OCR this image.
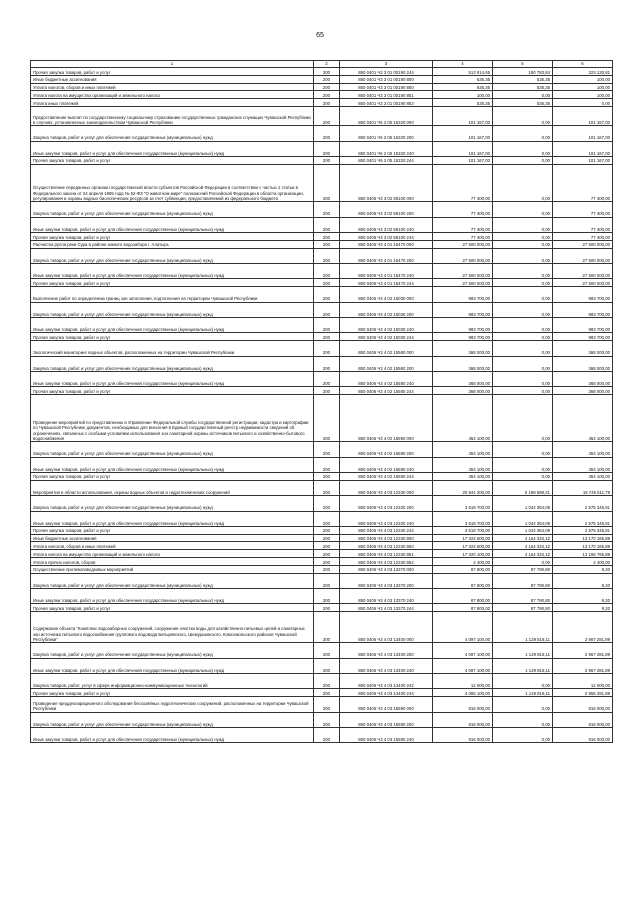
65
1	2	3	4	5	6
Прочая закупка товаров, работ и услуг	200	850 0401 Ч3 3 01 00190 244	513 914,65	190 783,84	323 130,81
Иные бюджетные ассигнования	200	850 0401 Ч3 3 01 00190 800	635,35	535,35	100,00
Уплата налогов, сборов и иных платежей	200	850 0401 Ч3 3 01 00190 850	635,35	535,35	100,00
Уплата налога на имущество организаций и земельного налога	200	850 0401 Ч3 3 01 00190 851	100,00	0,00	100,00
Уплата иных платежей	200	850 0401 Ч3 3 01 00190 853	535,35	535,35	0,00
Предоставление выплат по государственному социальному страхованию государственных гражданских служащих Чувашской Республики в случаях, установленных законодательством Чувашской Республики	200	850 0401 Ч5 2 05 15320 000	101 167,00	0,00	101 167,00
Закупка товаров, работ и услуг для обеспечения государственных (муниципальных) нужд	200	850 0401 Ч5 2 05 15320 200	101 167,00	0,00	101 167,00
Иные закупки товаров, работ и услуг для обеспечения государственных (муниципальных) нужд	200	850 0401 Ч5 2 05 15320 240	101 167,00	0,00	101 167,00
Прочая закупка товаров, работ и услуг	200	850 0401 Ч5 2 05 15320 244	101 167,00	0,00	101 167,00
Осуществление переданных органам государственной власти субъектов Российской Федерации в соответствии с частью 1 статьи 6 Федерального закона от 24 апреля 1995 года № 52-ФЗ "О животном мире" полномочий Российской Федерации в области организации, регулирования и охраны водных биологических ресурсов за счет субвенции, предоставляемой из федерального бюджета	200	850 0405 Ч3 3 02 59100 000	77 400,00	0,00	77 400,00
Закупка товаров, работ и услуг для обеспечения государственных (муниципальных) нужд	200	850 0405 Ч3 3 02 59100 200	77 400,00	0,00	77 400,00
Иные закупки товаров, работ и услуг для обеспечения государственных (муниципальных) нужд	200	850 0405 Ч3 3 02 59100 240	77 400,00	0,00	77 400,00
Прочая закупка товаров, работ и услуг	200	850 0405 Ч3 3 02 59100 244	77 400,00	0,00	77 400,00
Расчистка русла реки Сура в районе южного водозабора г. Алатырь	200	850 0406 Ч3 4 01 15470 000	27 500 000,00	0,00	27 500 000,00
Закупка товаров, работ и услуг для обеспечения государственных (муниципальных) нужд	200	850 0406 Ч3 4 01 15470 200	27 500 000,00	0,00	27 500 000,00
Иные закупки товаров, работ и услуг для обеспечения государственных (муниципальных) нужд	200	850 0406 Ч3 4 01 15470 240	27 500 000,00	0,00	27 500 000,00
Прочая закупка товаров, работ и услуг	200	850 0406 Ч3 4 01 15470 244	27 500 000,00	0,00	27 500 000,00
Выполнение работ по определению границ зон затопления, подтопления на территории Чувашской Республики	200	850 0406 Ч3 4 02 15030 000	983 700,00	0,00	983 700,00
Закупка товаров, работ и услуг для обеспечения государственных (муниципальных) нужд	200	850 0406 Ч3 4 02 15030 200	983 700,00	0,00	983 700,00
Иные закупки товаров, работ и услуг для обеспечения государственных (муниципальных) нужд	200	850 0406 Ч3 4 02 15030 240	983 700,00	0,00	983 700,00
Прочая закупка товаров, работ и услуг	200	850 0406 Ч3 4 02 15030 244	983 700,00	0,00	983 700,00
Экологический мониторинг водных объектов, расположенных на территории Чувашской Республики	200	850 0406 Ч3 4 02 15580 000	368 000,00	0,00	368 000,00
Закупка товаров, работ и услуг для обеспечения государственных (муниципальных) нужд	200	850 0406 Ч3 4 02 15580 200	368 000,00	0,00	368 000,00
Иные закупки товаров, работ и услуг для обеспечения государственных (муниципальных) нужд	200	850 0406 Ч3 4 02 15580 240	368 000,00	0,00	368 000,00
Прочая закупка товаров, работ и услуг	200	850 0406 Ч3 4 02 15580 244	368 000,00	0,00	368 000,00
Проведение мероприятий по представлению в Управление Федеральной службы государственной регистрации, кадастра и картографии по Чувашской Республике документов, необходимых для внесения в Единый государственный реестр недвижимости сведений об ограничениях, связанных с особыми условиями использования зон санитарной охраны источников питьевого и хозяйственно-бытового водоснабжения	200	850 0406 Ч3 4 02 16590 000	454 100,00	0,00	454 100,00
Закупка товаров, работ и услуг для обеспечения государственных (муниципальных) нужд	200	850 0406 Ч3 4 02 16590 200	454 100,00	0,00	454 100,00
Иные закупки товаров, работ и услуг для обеспечения государственных (муниципальных) нужд	200	850 0406 Ч3 4 02 16590 240	454 100,00	0,00	454 100,00
Прочая закупка товаров, работ и услуг	200	850 0406 Ч3 4 02 16590 244	454 100,00	0,00	454 100,00
Мероприятия в области использования, охраны водных объектов и гидротехнических сооружений	200	850 0406 Ч3 4 03 12330 000	20 944 200,00	5 198 688,21	15 745 511,79
Закупка товаров, работ и услуг для обеспечения государственных (муниципальных) нужд	200	850 0406 Ч3 4 03 12330 200	3 619 700,00	1 044 354,09	2 575 345,91
Иные закупки товаров, работ и услуг для обеспечения государственных (муниципальных) нужд	200	850 0406 Ч3 4 03 12330 240	3 619 700,00	1 044 354,09	2 575 345,91
Прочая закупка товаров, работ и услуг	200	850 0406 Ч3 4 03 12330 244	3 619 700,00	1 044 354,09	2 575 345,91
Иные бюджетные ассигнования	200	850 0406 Ч3 4 03 12330 800	17 324 500,00	4 154 334,12	13 170 165,88
Уплата налогов, сборов и иных платежей	200	850 0406 Ч3 4 03 12330 850	17 324 500,00	4 154 334,12	13 170 165,88
Уплата налога на имущество организаций и земельного налога	200	850 0406 Ч3 4 03 12330 851	17 320 100,00	4 154 334,12	13 165 765,88
Уплата прочих налогов, сборов	200	850 0406 Ч3 4 03 12330 852	4 400,00	0,00	4 400,00
Осуществление противопаводковых мероприятий	200	850 0406 Ч3 4 03 13370 000	87 800,00	87 790,80	9,20
Закупка товаров, работ и услуг для обеспечения государственных (муниципальных) нужд	200	850 0406 Ч3 4 03 13370 200	87 800,00	87 790,80	9,20
Иные закупки товаров, работ и услуг для обеспечения государственных (муниципальных) нужд	200	850 0406 Ч3 4 03 13370 240	87 800,00	87 790,80	9,20
Прочая закупка товаров, работ и услуг	200	850 0406 Ч3 4 03 13370 244	87 800,00	87 790,80	9,20
Содержание объекта "Комплекс водозаборных сооружений, сооружения очистки воды для хозяйственно-питьевых целей и санитарных зон источника питьевого водоснабжения группового водовода Батыревского, Шемуршинского, Комсомольского районов Чувашской Республики"	200	850 0406 Ч3 4 03 13400 000	4 097 100,00	1 129 818,11	2 967 281,89
Закупка товаров, работ и услуг для обеспечения государственных (муниципальных) нужд	200	850 0406 Ч3 4 03 13400 200	4 097 100,00	1 129 818,11	2 967 281,89
Иные закупки товаров, работ и услуг для обеспечения государственных (муниципальных) нужд	200	850 0406 Ч3 4 03 13400 240	4 097 100,00	1 129 818,11	2 967 281,89
Закупка товаров, работ, услуг в сфере информационно-коммуникационных технологий	200	850 0406 Ч3 4 03 13400 242	12 000,00	0,00	12 000,00
Прочая закупка товаров, работ и услуг	200	850 0406 Ч3 4 03 13400 244	4 085 100,00	1 129 818,11	2 955 281,89
Проведение преддекларационного обследования бесхозяйных гидротехнических сооружений, расположенных на территории Чувашской Республики	200	850 0406 Ч3 4 03 15590 000	916 000,00	0,00	916 000,00
Закупка товаров, работ и услуг для обеспечения государственных (муниципальных) нужд	200	850 0406 Ч3 4 03 15590 200	916 000,00	0,00	916 000,00
Иные закупки товаров, работ и услуг для обеспечения государственных (муниципальных) нужд	200	850 0406 Ч3 4 03 15590 240	916 000,00	0,00	916 000,00
